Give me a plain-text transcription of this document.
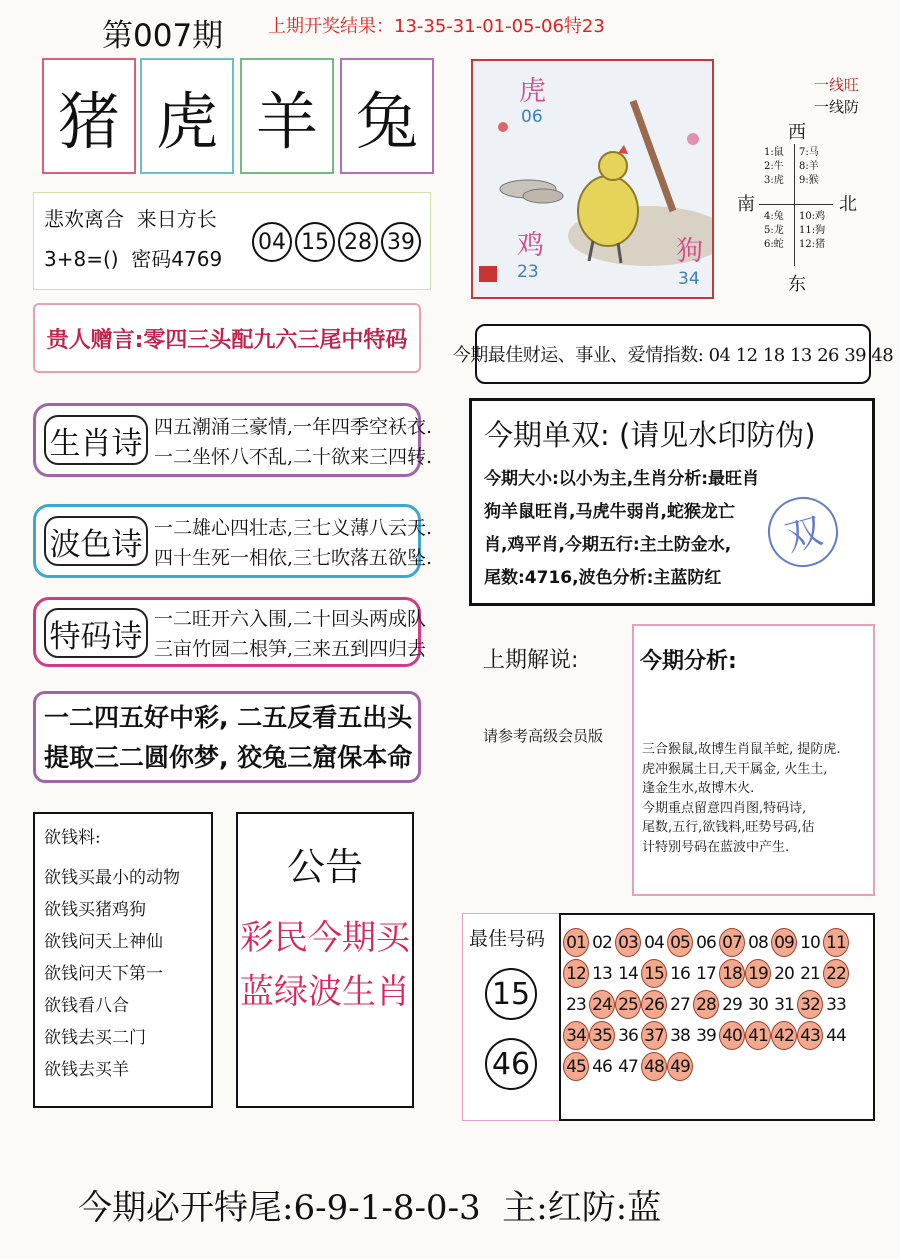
第007期 上期开奖结果：13-35-31-01-05-06特23
猪 虎 羊 兔
悲欢离合  来日方长
3+8=()  密码4769
04 15 28 39
虎
06
鸡
23
狗
34
一线旺
一线防
西
南	北
东
1:鼠
2:牛
3:虎
7:马
8:羊
9:猴
4:兔
5:龙
6:蛇
10:鸡
11:狗
12:猪
贵人赠言:零四三头配九六三尾中特码
今期最佳财运、事业、爱情指数: 04 12 18 13 26 39 48
生肖诗 四五潮涌三豪情,一年四季空袄衣.
一二坐怀八不乱,二十欲来三四转.
波色诗 一二雄心四壮志,三七义薄八云天.
四十生死一相依,三七吹落五欲坠.
特码诗 一二旺开六入围,二十回头两成队
三亩竹园二根笋,三来五到四归去
一二四五好中彩, 二五反看五出头
提取三二圆你梦, 狡兔三窟保本命
今期单双: (请见水印防伪)
今期大小:以小为主,生肖分析:最旺肖
狗羊鼠旺肖,马虎牛弱肖,蛇猴龙亡
肖,鸡平肖,今期五行:主土防金水,
尾数:4716,波色分析:主蓝防红
双
上期解说:
请参考高级会员版
今期分析:
三合猴鼠,故博生肖鼠羊蛇, 提防虎.
虎冲猴属土日,天干属金, 火生土,
逢金生水,故博木火.
今期重点留意四肖图,特码诗,
尾数,五行,欲钱料,旺势号码,估
计特别号码在蓝波中产生.
欲钱料:
欲钱买最小的动物
欲钱买猪鸡狗
欲钱问天上神仙
欲钱问天下第一
欲钱看八合
欲钱去买二门
欲钱去买羊
公告
彩民今期买
蓝绿波生肖
最佳号码
15
46
01 02 03 04 05 06 07 08 09 10 11
12 13 14 15 16 17 18 19 20 21 22
23 24 25 26 27 28 29 30 31 32 33
34 35 36 37 38 39 40 41 42 43 44
45 46 47 48 49
今期必开特尾:6-9-1-8-0-3  主:红防:蓝
